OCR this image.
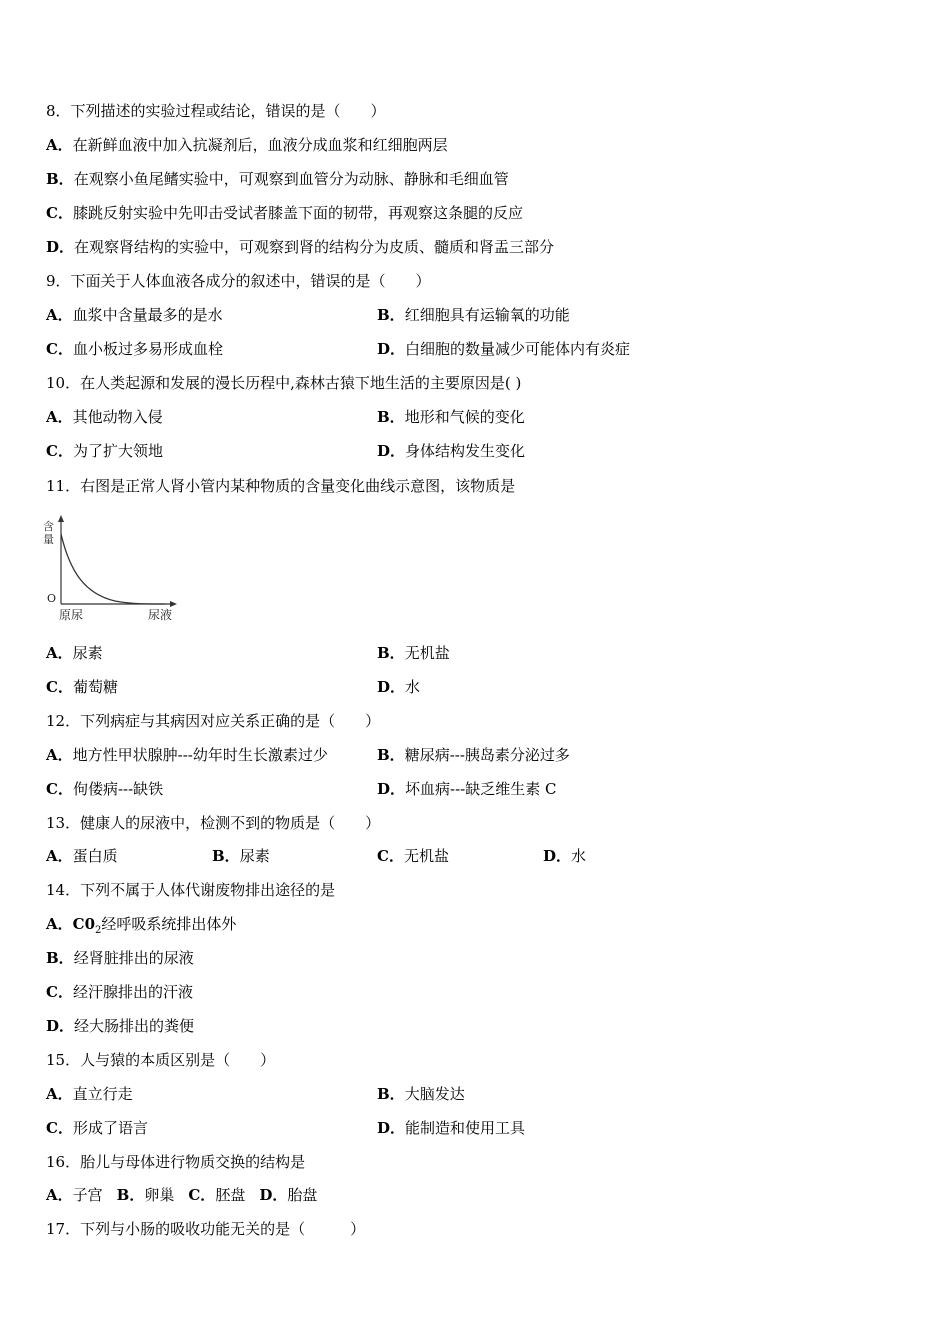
8．下列描述的实验过程或结论，错误的是（　　）
A．在新鲜血液中加入抗凝剂后，血液分成血浆和红细胞两层
B．在观察小鱼尾鳍实验中，可观察到血管分为动脉、静脉和毛细血管
C．膝跳反射实验中先叩击受试者膝盖下面的韧带，再观察这条腿的反应
D．在观察肾结构的实验中，可观察到肾的结构分为皮质、髓质和肾盂三部分
9．下面关于人体血液各成分的叙述中，错误的是（　　）
A．血浆中含量最多的是水	B．红细胞具有运输氧的功能
C．血小板过多易形成血栓	D．白细胞的数量减少可能体内有炎症
10．在人类起源和发展的漫长历程中,森林古猿下地生活的主要原因是( )
A．其他动物入侵	B．地形和气候的变化
C．为了扩大领地	D．身体结构发生变化
11．右图是正常人肾小管内某种物质的含量变化曲线示意图，该物质是
含
量
O
原尿	尿液
A．尿素	B．无机盐
C．葡萄糖	D．水
12．下列病症与其病因对应关系正确的是（　　）
A．地方性甲状腺肿---幼年时生长激素过少	B．糖尿病---胰岛素分泌过多
C．佝偻病---缺铁	D．坏血病---缺乏维生素 C
13．健康人的尿液中，检测不到的物质是（　　）
A．蛋白质	B．尿素	C．无机盐	D．水
14．下列不属于人体代谢废物排出途径的是
A．$C0_2$经呼吸系统排出体外
B．经肾脏排出的尿液
C．经汗腺排出的汗液
D．经大肠排出的粪便
15．人与猿的本质区别是（　　）
A．直立行走	B．大脑发达
C．形成了语言	D．能制造和使用工具
16．胎儿与母体进行物质交换的结构是
A．子宫 B．卵巢 C．胚盘 D．胎盘
17．下列与小肠的吸收功能无关的是（　　　）
